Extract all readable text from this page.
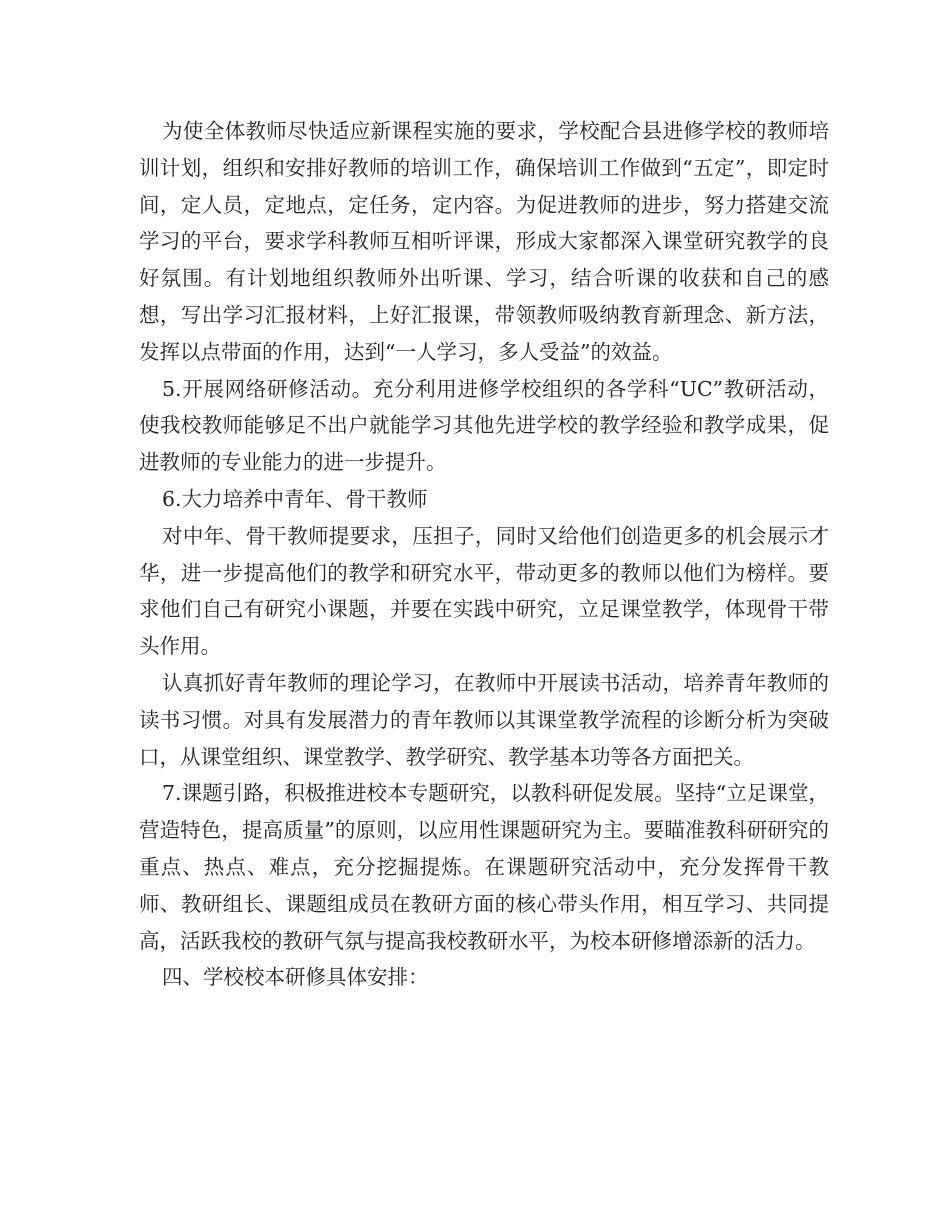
为使全体教师尽快适应新课程实施的要求，学校配合县进修学校的教师培训计划，组织和安排好教师的培训工作，确保培训工作做到“五定”，即定时间，定人员，定地点，定任务，定内容。为促进教师的进步，努力搭建交流学习的平台，要求学科教师互相听评课，形成大家都深入课堂研究教学的良好氛围。有计划地组织教师外出听课、学习，结合听课的收获和自己的感想，写出学习汇报材料，上好汇报课，带领教师吸纳教育新理念、新方法，发挥以点带面的作用，达到“一人学习，多人受益”的效益。

5.开展网络研修活动。充分利用进修学校组织的各学科“UC”教研活动，使我校教师能够足不出户就能学习其他先进学校的教学经验和教学成果，促进教师的专业能力的进一步提升。

6.大力培养中青年、骨干教师

对中年、骨干教师提要求，压担子，同时又给他们创造更多的机会展示才华，进一步提高他们的教学和研究水平，带动更多的教师以他们为榜样。要求他们自己有研究小课题，并要在实践中研究，立足课堂教学，体现骨干带头作用。

认真抓好青年教师的理论学习，在教师中开展读书活动，培养青年教师的读书习惯。对具有发展潜力的青年教师以其课堂教学流程的诊断分析为突破口，从课堂组织、课堂教学、教学研究、教学基本功等各方面把关。

7.课题引路，积极推进校本专题研究，以教科研促发展。坚持“立足课堂，营造特色，提高质量”的原则，以应用性课题研究为主。要瞄准教科研研究的重点、热点、难点，充分挖掘提炼。在课题研究活动中，充分发挥骨干教师、教研组长、课题组成员在教研方面的核心带头作用，相互学习、共同提高，活跃我校的教研气氛与提高我校教研水平，为校本研修增添新的活力。

四、学校校本研修具体安排：
